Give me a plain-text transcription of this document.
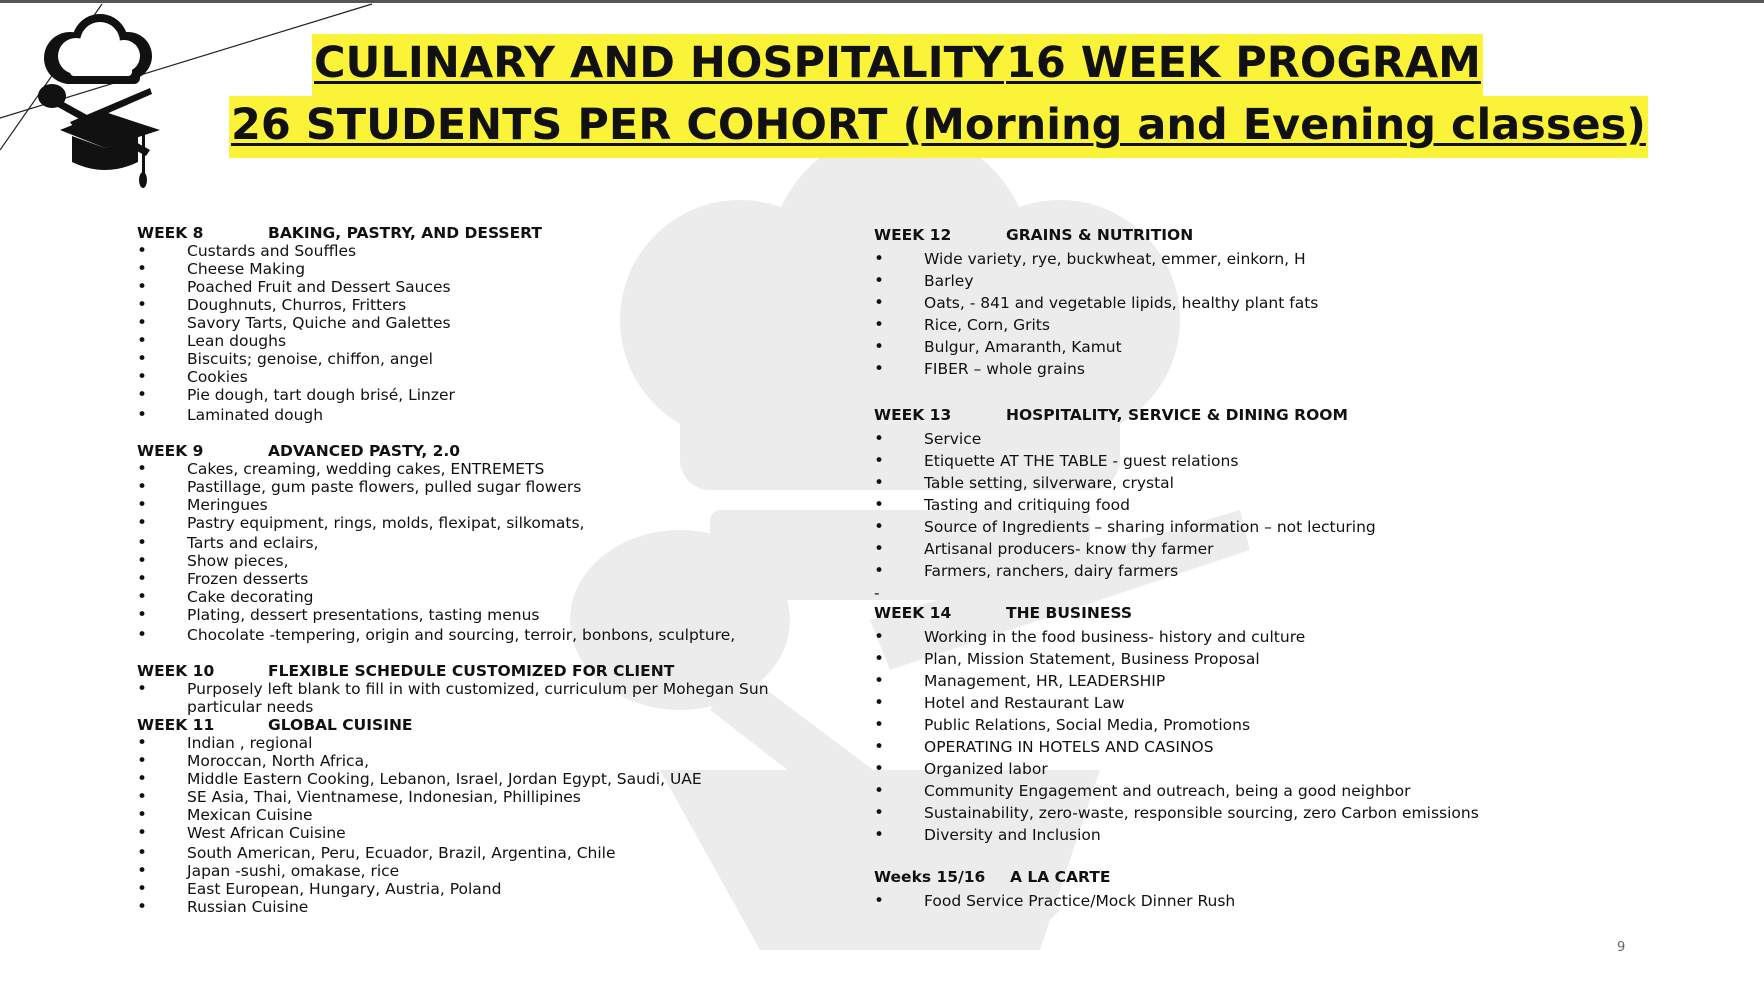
CULINARY AND HOSPITALITY 16 WEEK PROGRAM
26 STUDENTS PER COHORT (Morning and Evening classes)
WEEK 8	BAKING, PASTRY, AND DESSERT
•
Custards and Souffles
•
Cheese Making
•
Poached Fruit and Dessert Sauces
•
Doughnuts, Churros, Fritters
•
Savory Tarts, Quiche and Galettes
•
Lean doughs
•
Biscuits; genoise, chiffon, angel
•
Cookies
•
Pie dough, tart dough brisé, Linzer
•
Laminated dough
WEEK 9	ADVANCED PASTY, 2.0
•
Cakes, creaming, wedding cakes, ENTREMETS
•
Pastillage, gum paste flowers, pulled sugar flowers
•
Meringues
•
Pastry equipment, rings, molds, flexipat, silkomats,
•
Tarts and eclairs,
•
Show pieces,
•
Frozen desserts
•
Cake decorating
•
Plating, dessert presentations, tasting menus
•
Chocolate -tempering, origin and sourcing, terroir, bonbons, sculpture,
WEEK 10	FLEXIBLE SCHEDULE CUSTOMIZED FOR CLIENT
•
Purposely left blank to fill in with customized, curriculum per Mohegan Sun particular needs
WEEK 11	GLOBAL CUISINE
•
Indian , regional
•
Moroccan, North Africa,
•
Middle Eastern Cooking, Lebanon, Israel, Jordan Egypt, Saudi, UAE
•
SE Asia, Thai, Vientnamese, Indonesian, Phillipines
•
Mexican Cuisine
•
West African Cuisine
•
South American, Peru, Ecuador, Brazil, Argentina, Chile
•
Japan -sushi, omakase, rice
•
East European, Hungary, Austria, Poland
•
Russian Cuisine
WEEK 12	GRAINS & NUTRITION
•
Wide variety, rye, buckwheat, emmer, einkorn, H
•
Barley
•
Oats, - 841 and vegetable lipids, healthy plant fats
•
Rice, Corn, Grits
•
Bulgur, Amaranth, Kamut
•
FIBER – whole grains
WEEK 13	HOSPITALITY, SERVICE & DINING ROOM
•
Service
•
Etiquette AT THE TABLE - guest relations
•
Table setting, silverware, crystal
•
Tasting and critiquing food
•
Source of Ingredients – sharing information – not lecturing
•
Artisanal producers- know thy farmer
•
Farmers, ranchers, dairy farmers
-
WEEK 14	THE BUSINESS
•
Working in the food business- history and culture
•
Plan, Mission Statement, Business Proposal
•
Management, HR, LEADERSHIP
•
Hotel and Restaurant Law
•
Public Relations, Social Media, Promotions
•
OPERATING IN HOTELS AND CASINOS
•
Organized labor
•
Community Engagement and outreach, being a good neighbor
•
Sustainability, zero-waste, responsible sourcing, zero Carbon emissions
•
Diversity and Inclusion
Weeks 15/16 A LA CARTE
•
Food Service Practice/Mock Dinner Rush
9
